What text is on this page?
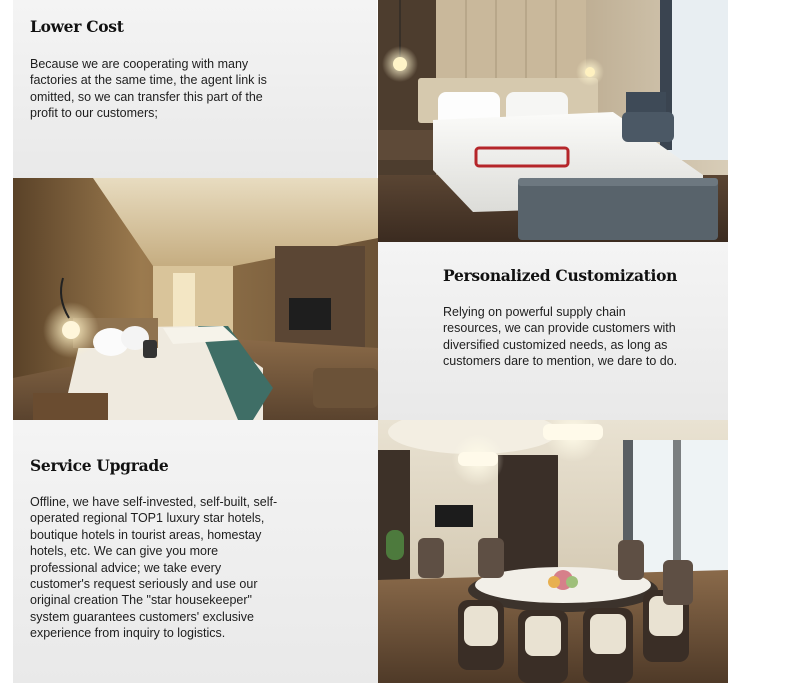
Lower Cost

Because we are cooperating with many factories at the same time, the agent link is omitted, so we can transfer this part of the profit to our customers;

Personalized Customization

Relying on powerful supply chain resources, we can provide customers with diversified customized needs, as long as customers dare to mention, we dare to do.

Service Upgrade

Offline, we have self-invested, self-built, self-operated regional TOP1 luxury star hotels, boutique hotels in tourist areas, homestay hotels, etc. We can give you more professional advice; we take every customer's request seriously and use our original creation The "star housekeeper" system guarantees customers' exclusive experience from inquiry to logistics.
